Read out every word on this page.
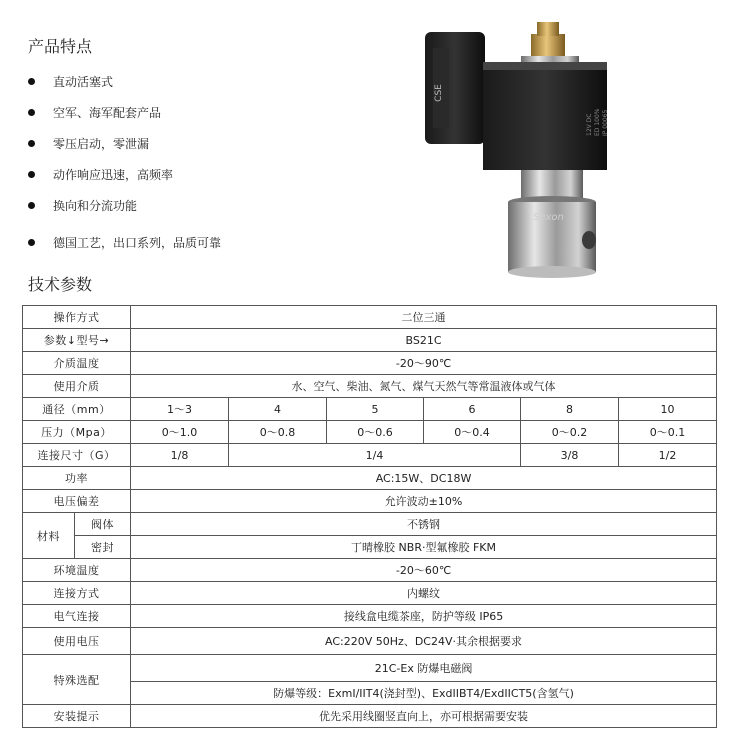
产品特点
直动活塞式
空军、海军配套产品
零压启动，零泄漏
动作响应迅速，高频率
换向和分流功能
德国工艺，出口系列，品质可靠
CSE
12V DC ED 100% IP 00065
Sexon
技术参数
操作方式		二位三通					
参数↓型号→		BS21C					
介质温度		-20～90℃					
使用介质		水、空气、柴油、氮气、煤气天然气等常温液体或气体					
通径（mm）		1～3	4	5	6	8	10
压力（Mpa）		0～1.0	0～0.8	0～0.6	0～0.4	0～0.2	0～0.1
连接尺寸（G）		1/8	1/4			3/8	1/2
功率		AC:15W、DC18W					
电压偏差		允许波动±10%					
材料	阀体	不锈钢					
	密封	丁晴橡胶 NBR·型氟橡胶 FKM					
环境温度		-20～60℃					
连接方式		内螺纹					
电气连接		接线盒电缆茶座，防护等级 IP65					
使用电压		AC:220V 50Hz、DC24V·其余根据要求					
特殊选配		21C-Ex 防爆电磁阀					
		防爆等级：ExmI/IIT4(浇封型)、ExdIIBT4/ExdIICT5(含氢气)					
安装提示		优先采用线圈竖直向上，亦可根据需要安装					
